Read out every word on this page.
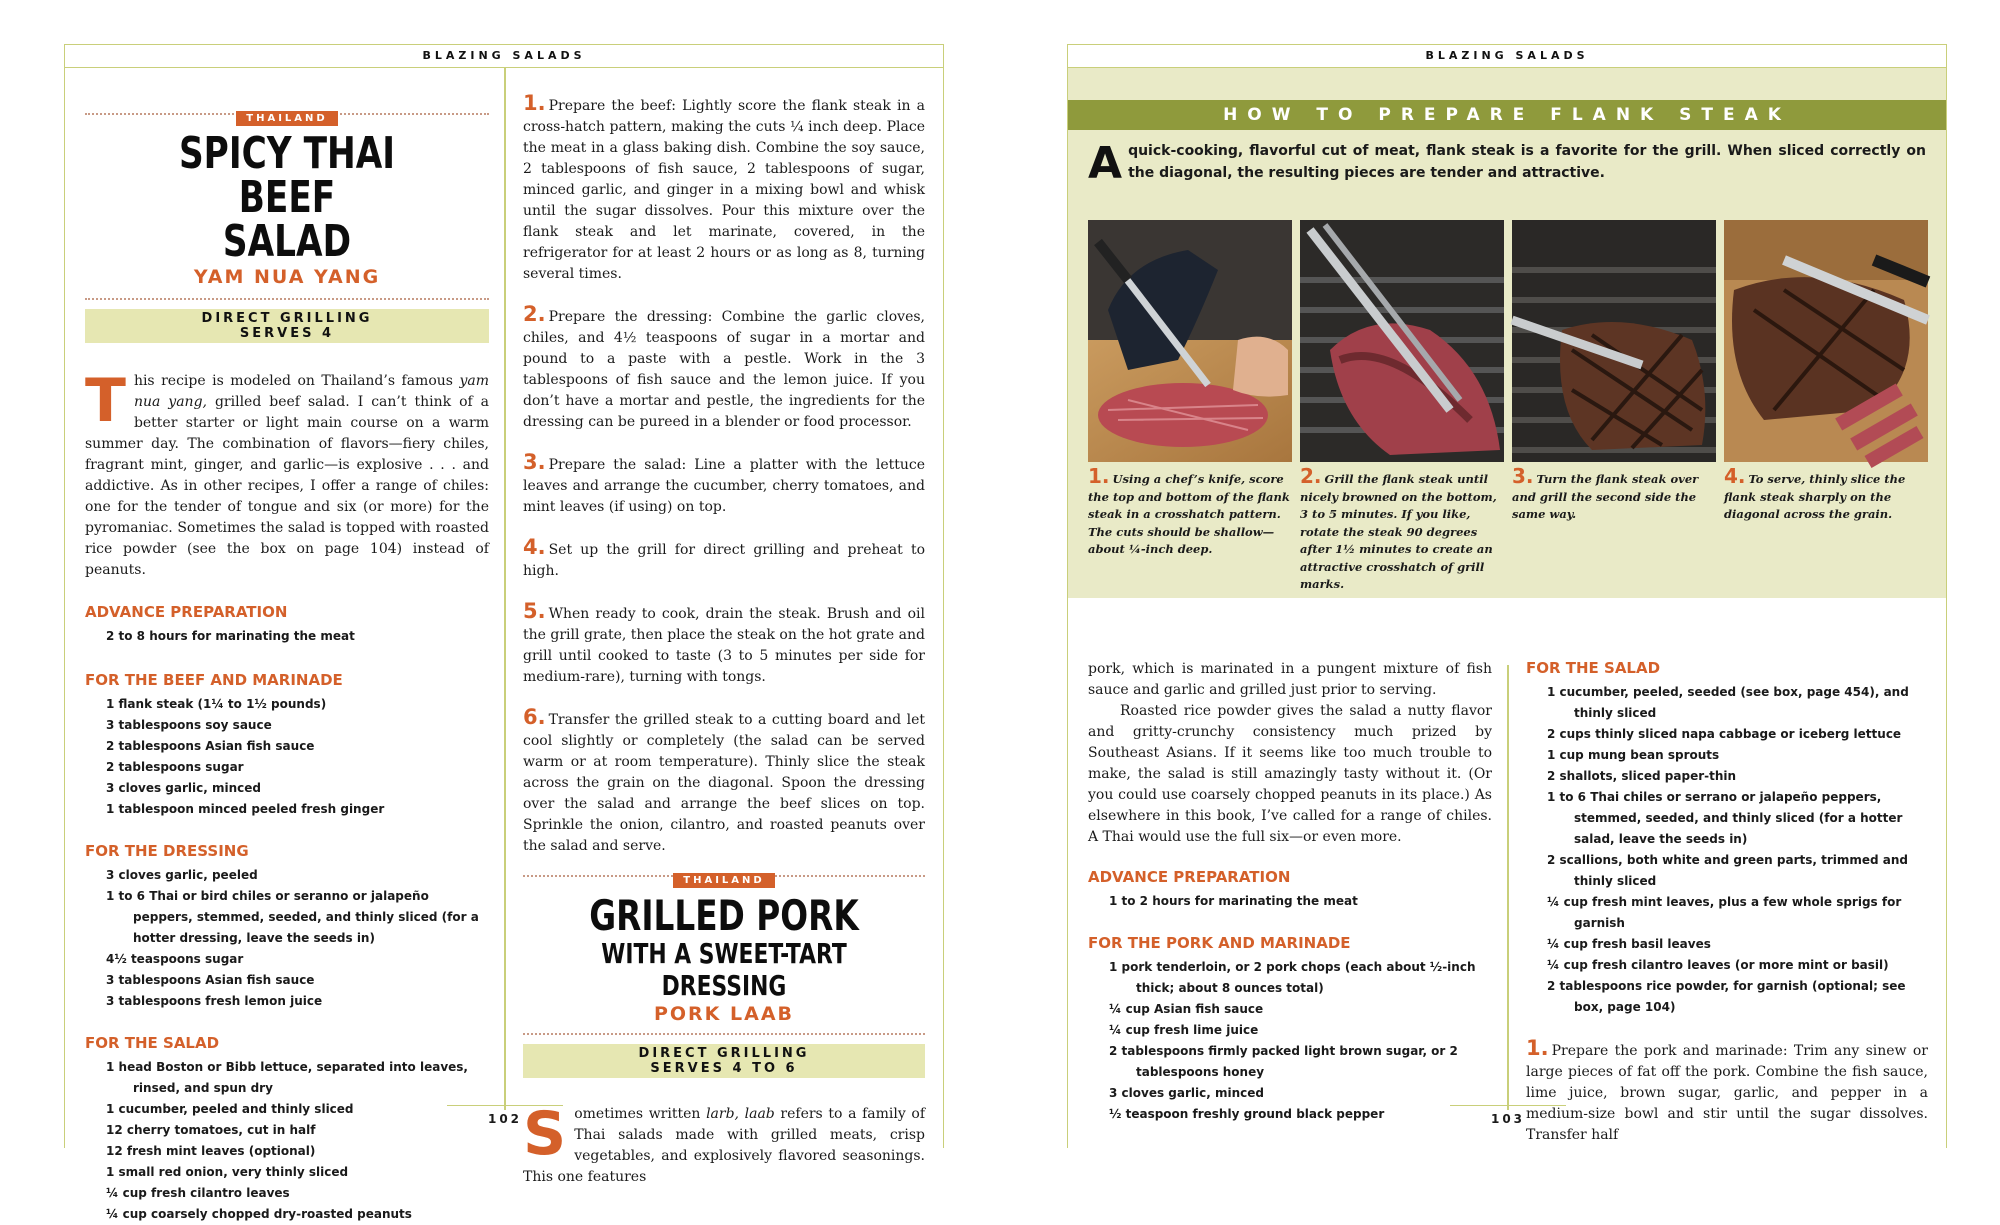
BLAZING SALADS
THAILAND
SPICY THAI BEEF
SALAD
YAM NUA YANG
DIRECT GRILLING
SERVES 4

This recipe is modeled on Thailand’s famous yam nua yang, grilled beef salad. I can’t think of a better starter or light main course on a warm summer day. The combination of flavors—fiery chiles, fragrant mint, ginger, and garlic—is explosive . . . and addictive. As in other recipes, I offer a range of chiles: one for the tender of tongue and six (or more) for the pyromaniac. Sometimes the salad is topped with roasted rice powder (see the box on page 104) instead of peanuts.

ADVANCE PREPARATION
2 to 8 hours for marinating the meat
FOR THE BEEF AND MARINADE
1 flank steak (1¼ to 1½ pounds)
3 tablespoons soy sauce
2 tablespoons Asian fish sauce
2 tablespoons sugar
3 cloves garlic, minced
1 tablespoon minced peeled fresh ginger
FOR THE DRESSING
3 cloves garlic, peeled
1 to 6 Thai or bird chiles or seranno or jalapeño peppers, stemmed, seeded, and thinly sliced (for a hotter dressing, leave the seeds in)
4½ teaspoons sugar
3 tablespoons Asian fish sauce
3 tablespoons fresh lemon juice
FOR THE SALAD
1 head Boston or Bibb lettuce, separated into leaves, rinsed, and spun dry
1 cucumber, peeled and thinly sliced
12 cherry tomatoes, cut in half
12 fresh mint leaves (optional)
1 small red onion, very thinly sliced
¼ cup fresh cilantro leaves
¼ cup coarsely chopped dry-roasted peanuts

1. Prepare the beef: Lightly score the flank steak in a cross-hatch pattern, making the cuts ¼ inch deep. Place the meat in a glass baking dish. Combine the soy sauce, 2 tablespoons of fish sauce, 2 tablespoons of sugar, minced garlic, and ginger in a mixing bowl and whisk until the sugar dissolves. Pour this mixture over the flank steak and let marinate, covered, in the refrigerator for at least 2 hours or as long as 8, turning several times.

2. Prepare the dressing: Combine the garlic cloves, chiles, and 4½ teaspoons of sugar in a mortar and pound to a paste with a pestle. Work in the 3 tablespoons of fish sauce and the lemon juice. If you don’t have a mortar and pestle, the ingredients for the dressing can be pureed in a blender or food processor.

3. Prepare the salad: Line a platter with the lettuce leaves and arrange the cucumber, cherry tomatoes, and mint leaves (if using) on top.

4. Set up the grill for direct grilling and preheat to high.

5. When ready to cook, drain the steak. Brush and oil the grill grate, then place the steak on the hot grate and grill until cooked to taste (3 to 5 minutes per side for medium-rare), turning with tongs.

6. Transfer the grilled steak to a cutting board and let cool slightly or completely (the salad can be served warm or at room temperature). Thinly slice the steak across the grain on the diagonal. Spoon the dressing over the salad and arrange the beef slices on top. Sprinkle the onion, cilantro, and roasted peanuts over the salad and serve.

THAILAND
GRILLED PORK
WITH A SWEET-TART DRESSING
PORK LAAB
DIRECT GRILLING
SERVES 4 TO 6

Sometimes written larb, laab refers to a family of Thai salads made with grilled meats, crisp vegetables, and explosively flavored seasonings. This one features

102
BLAZING SALADS
HOW TO PREPARE FLANK STEAK

Aquick-cooking, flavorful cut of meat, flank steak is a favorite for the grill. When sliced correctly on the diagonal, the resulting pieces are tender and attractive.

1. Using a chef’s knife, score the top and bottom of the flank steak in a crosshatch pattern. The cuts should be shallow—about ¼-inch deep.

2. Grill the flank steak until nicely browned on the bottom, 3 to 5 minutes. If you like, rotate the steak 90 degrees after 1½ minutes to create an attractive crosshatch of grill marks.

3. Turn the flank steak over and grill the second side the same way.

4. To serve, thinly slice the flank steak sharply on the diagonal across the grain.

pork, which is marinated in a pungent mixture of fish sauce and garlic and grilled just prior to serving.

Roasted rice powder gives the salad a nutty flavor and gritty-crunchy consistency much prized by Southeast Asians. If it seems like too much trouble to make, the salad is still amazingly tasty without it. (Or you could use coarsely chopped peanuts in its place.) As elsewhere in this book, I’ve called for a range of chiles. A Thai would use the full six—or even more.

ADVANCE PREPARATION
1 to 2 hours for marinating the meat
FOR THE PORK AND MARINADE
1 pork tenderloin, or 2 pork chops (each about ½-inch thick; about 8 ounces total)
¼ cup Asian fish sauce
¼ cup fresh lime juice
2 tablespoons firmly packed light brown sugar, or 2 tablespoons honey
3 cloves garlic, minced
½ teaspoon freshly ground black pepper
FOR THE SALAD
1 cucumber, peeled, seeded (see box, page 454), and thinly sliced
2 cups thinly sliced napa cabbage or iceberg lettuce
1 cup mung bean sprouts
2 shallots, sliced paper-thin
1 to 6 Thai chiles or serrano or jalapeño peppers, stemmed, seeded, and thinly sliced (for a hotter salad, leave the seeds in)
2 scallions, both white and green parts, trimmed and thinly sliced
¼ cup fresh mint leaves, plus a few whole sprigs for garnish
¼ cup fresh basil leaves
¼ cup fresh cilantro leaves (or more mint or basil)
2 tablespoons rice powder, for garnish (optional; see box, page 104)

1. Prepare the pork and marinade: Trim any sinew or large pieces of fat off the pork. Combine the fish sauce, lime juice, brown sugar, garlic, and pepper in a medium-size bowl and stir until the sugar dissolves. Transfer half

103
